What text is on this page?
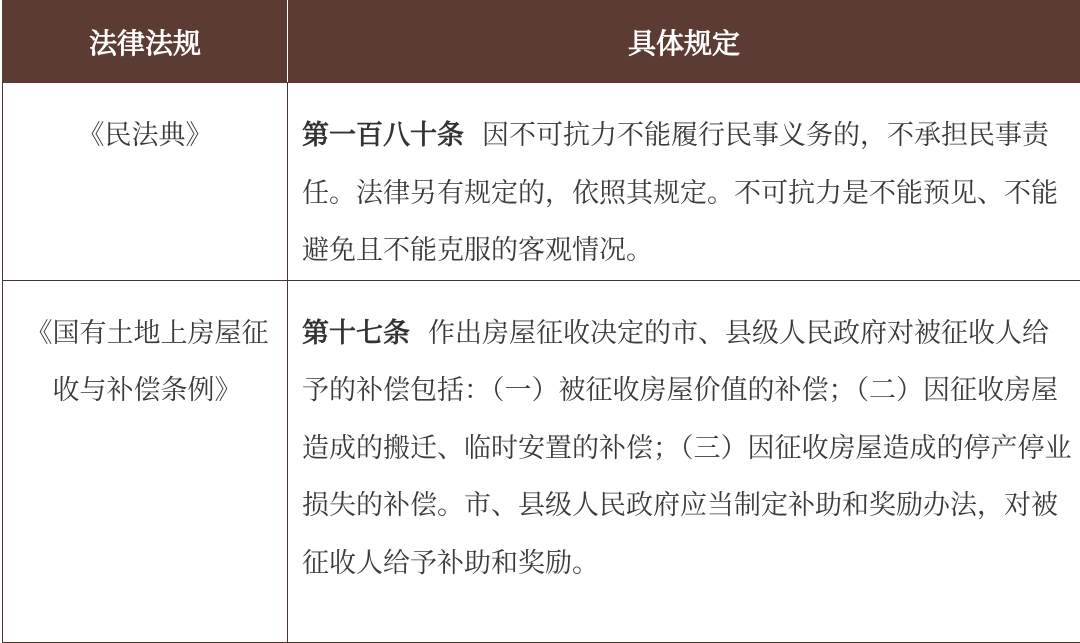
法律法规	具体规定
《民法典》	第一百八十条 因不可抗力不能履行民事义务的，不承担民事责任。法律另有规定的，依照其规定。不可抗力是不能预见、不能避免且不能克服的客观情况。
《国有土地上房屋征收与补偿条例》	第十七条 作出房屋征收决定的市、县级人民政府对被征收人给予的补偿包括：（一）被征收房屋价值的补偿；（二）因征收房屋造成的搬迁、临时安置的补偿；（三）因征收房屋造成的停产停业损失的补偿。市、县级人民政府应当制定补助和奖励办法，对被征收人给予补助和奖励。
